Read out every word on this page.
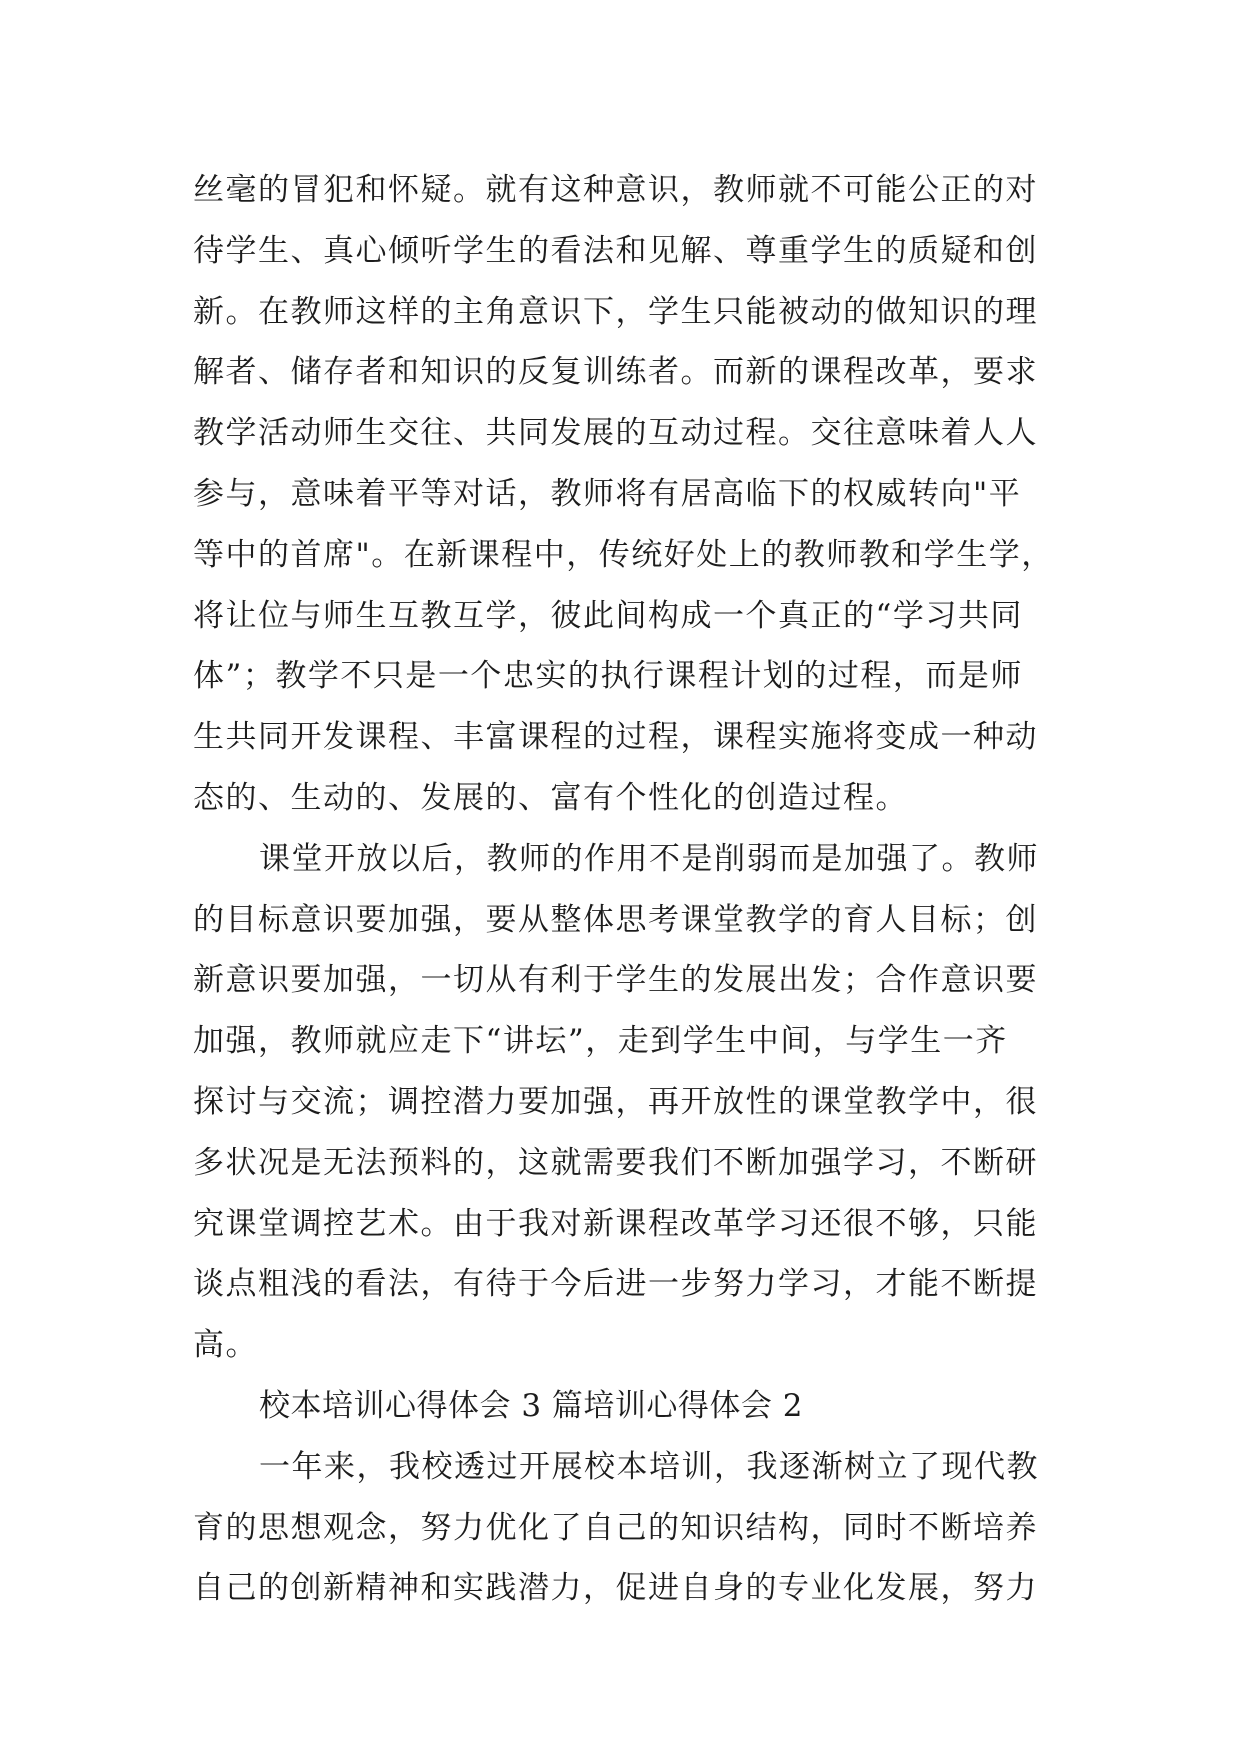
丝毫的冒犯和怀疑。就有这种意识，教师就不可能公正的对
待学生、真心倾听学生的看法和见解、尊重学生的质疑和创
新。在教师这样的主角意识下，学生只能被动的做知识的理
解者、储存者和知识的反复训练者。而新的课程改革，要求
教学活动师生交往、共同发展的互动过程。交往意味着人人
参与，意味着平等对话，教师将有居高临下的权威转向"平
等中的首席"。在新课程中，传统好处上的教师教和学生学，
将让位与师生互教互学，彼此间构成一个真正的“学习共同
体”；教学不只是一个忠实的执行课程计划的过程，而是师
生共同开发课程、丰富课程的过程，课程实施将变成一种动
态的、生动的、发展的、富有个性化的创造过程。
课堂开放以后，教师的作用不是削弱而是加强了。教师
的目标意识要加强，要从整体思考课堂教学的育人目标；创
新意识要加强，一切从有利于学生的发展出发；合作意识要
加强，教师就应走下“讲坛”，走到学生中间，与学生一齐
探讨与交流；调控潜力要加强，再开放性的课堂教学中，很
多状况是无法预料的，这就需要我们不断加强学习，不断研
究课堂调控艺术。由于我对新课程改革学习还很不够，只能
谈点粗浅的看法，有待于今后进一步努力学习，才能不断提
高。
校本培训心得体会 3 篇培训心得体会 2
一年来，我校透过开展校本培训，我逐渐树立了现代教
育的思想观念，努力优化了自己的知识结构，同时不断培养
自己的创新精神和实践潜力，促进自身的专业化发展，努力
